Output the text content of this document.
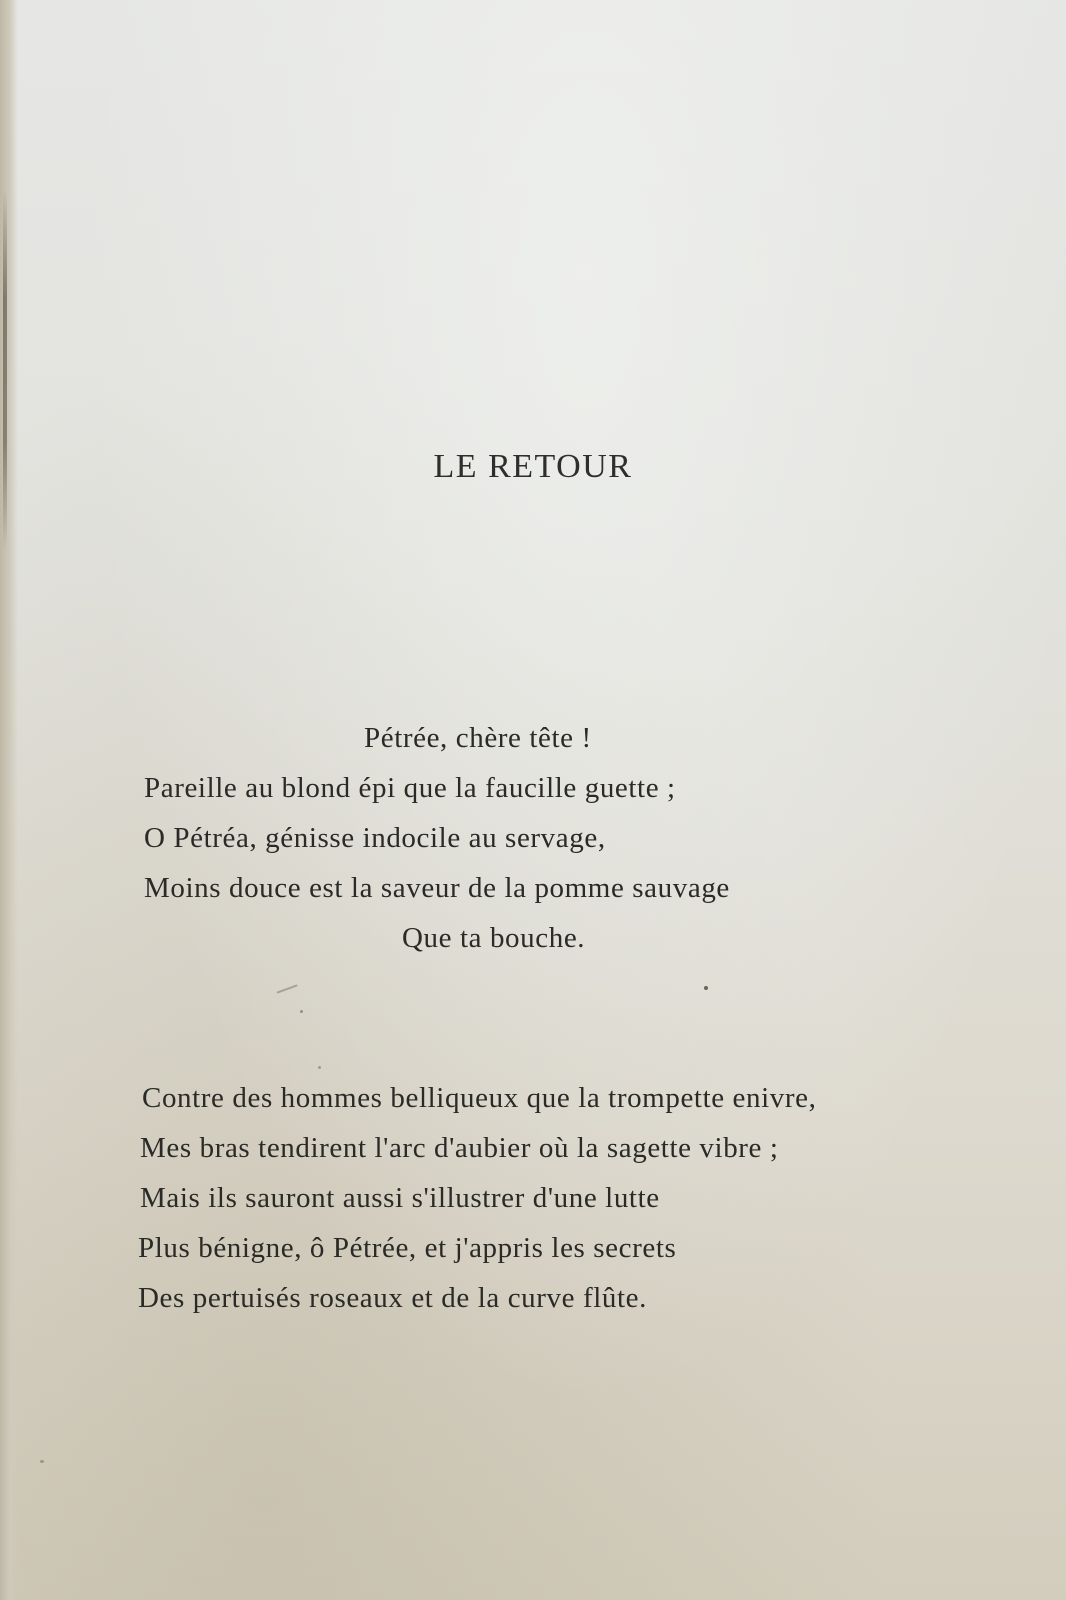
LE RETOUR
Pétrée, chère tête !
Pareille au blond épi que la faucille guette ;
O Pétréa, génisse indocile au servage,
Moins douce est la saveur de la pomme sauvage
Que ta bouche.
Contre des hommes belliqueux que la trompette enivre,
Mes bras tendirent l'arc d'aubier où la sagette vibre ;
Mais ils sauront aussi s'illustrer d'une lutte
Plus bénigne, ô Pétrée, et j'appris les secrets
Des pertuisés roseaux et de la curve flûte.
